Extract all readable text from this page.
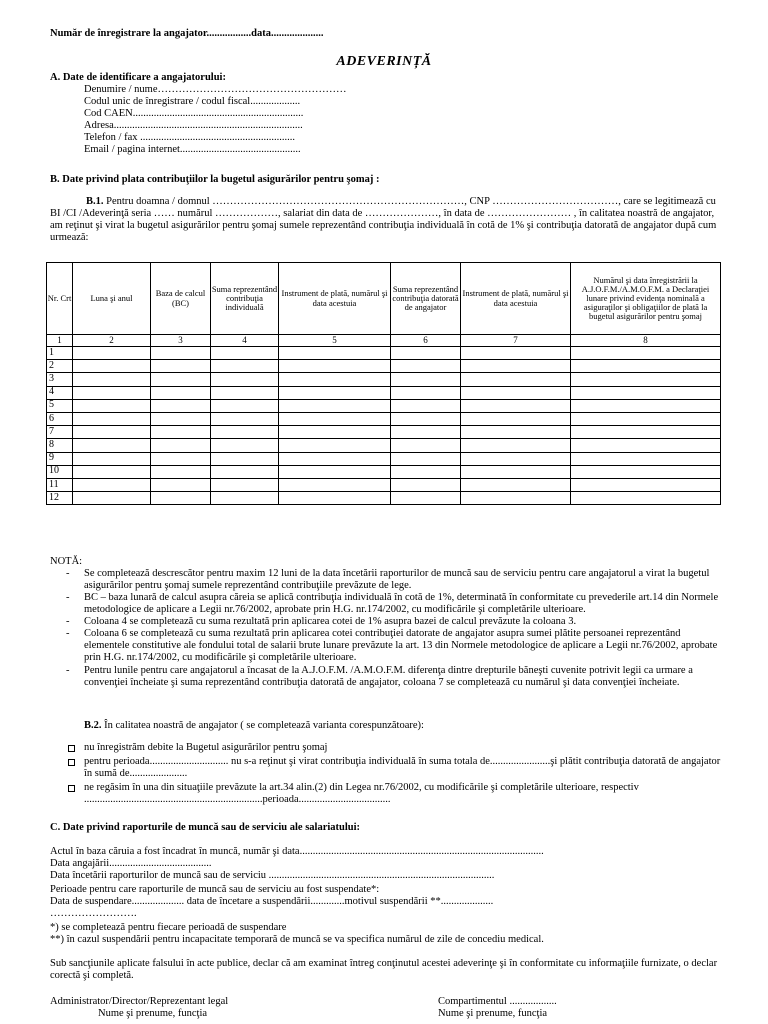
Număr de înregistrare la angajator.................data....................
ADEVERINȚĂ
A. Date de identificare a angajatorului:
Denumire / nume………………………………………………
Codul unic de înregistrare / codul fiscal...................
Cod CAEN.................................................................
Adresa........................................................................
Telefon / fax ...........................................................
Email / pagina internet..............................................
B. Date privind plata contribuţiilor la bugetul asigurărilor pentru şomaj :
B.1. Pentru doamna / domnul ………………………………………………………………, CNP ………………………………, care se legitimează cu BI /CI /Adeverinţă seria …… numărul ………………, salariat din data de …………………, în data de …………………… , în calitatea noastră de angajator, am reţinut şi virat la bugetul asigurărilor pentru şomaj sumele reprezentând contribuţia individuală în cotă de 1% şi contribuţia datorată de angajator după cum urmează:
Nr. Crt	Luna şi anul	Baza de calcul (BC)	Suma reprezentând contribuţia individuală	Instrument de plată, numărul şi data acestuia	Suma reprezentând contribuţia datorată de angajator	Instrument de plată, numărul şi data acestuia	Numărul şi data înregistrării la A.J.O.F.M./A.M.O.F.M. a Declaraţiei lunare privind evidenţa nominală a asiguraţilor şi obligaţiilor de plată la bugetul asigurărilor pentru şomaj
1	2	3	4	5	6	7	8
1							
2							
3							
4							
5							
6							
7							
8							
9							
10							
11							
12							
NOTĂ:
- Se completează descrescător pentru maxim 12 luni de la data încetării raporturilor de muncă sau de serviciu pentru care angajatorul a virat la bugetul asigurărilor pentru şomaj sumele reprezentând contribuţiile prevăzute de lege.
- BC – baza lunară de calcul asupra căreia se aplică contribuţia individuală în cotă de 1%, determinată în conformitate cu prevederile art.14 din Normele metodologice de aplicare a Legii nr.76/2002, aprobate prin H.G. nr.174/2002, cu modificările şi completările ulterioare.
- Coloana 4 se completează cu suma rezultată prin aplicarea cotei de 1% asupra bazei de calcul prevăzute la coloana 3.
- Coloana 6 se completează cu suma rezultată prin aplicarea cotei contribuţiei datorate de angajator asupra sumei plătite persoanei reprezentând elementele constitutive ale fondului total de salarii brute lunare prevăzute la art. 13 din Normele metodologice de aplicare a Legii nr.76/2002, aprobate prin H.G. nr.174/2002, cu modificările şi completările ulterioare.
- Pentru lunile pentru care angajatorul a încasat de la A.J.O.F.M. /A.M.O.F.M. diferenţa dintre drepturile băneşti cuvenite potrivit legii ca urmare a convenţiei încheiate şi suma reprezentând contribuţia datorată de angajator, coloana 7 se completează cu numărul şi data convenţiei încheiate.
B.2. În calitatea noastră de angajator ( se completează varianta corespunzătoare):
nu înregistrăm debite la Bugetul asigurărilor pentru şomaj
pentru perioada.............................. nu s-a reţinut şi virat contribuţia individuală în suma totala de.......................şi plătit contribuţia datorată de angajator în sumă de......................
ne regăsim în una din situaţiile prevăzute la art.34 alin.(2) din Legea nr.76/2002, cu modificările şi completările ulterioare, respectiv ....................................................................perioada...................................
C. Date privind raporturile de muncă sau de serviciu ale salariatului:
Actul în baza căruia a fost încadrat în muncă, număr şi data.............................................................................................
Data angajării.......................................
Data încetării raporturilor de muncă sau de serviciu ......................................................................................
Perioade pentru care raporturile de muncă sau de serviciu au fost suspendate*:
Data de suspendare.................... data de încetare a suspendării.............motivul suspendării **....................
…………………….
*) se completează pentru fiecare perioadă de suspendare
**) în cazul suspendării pentru incapacitate temporară de muncă se va specifica numărul de zile de concediu medical.
Sub sancţiunile aplicate falsului în acte publice, declar că am examinat întreg conţinutul acestei adeverinţe şi în conformitate cu informaţiile furnizate, o declar corectă şi completă.
Administrator/Director/Reprezentant legal
Nume şi prenume, funcţia
Compartimentul ..................
Nume şi prenume, funcţia
